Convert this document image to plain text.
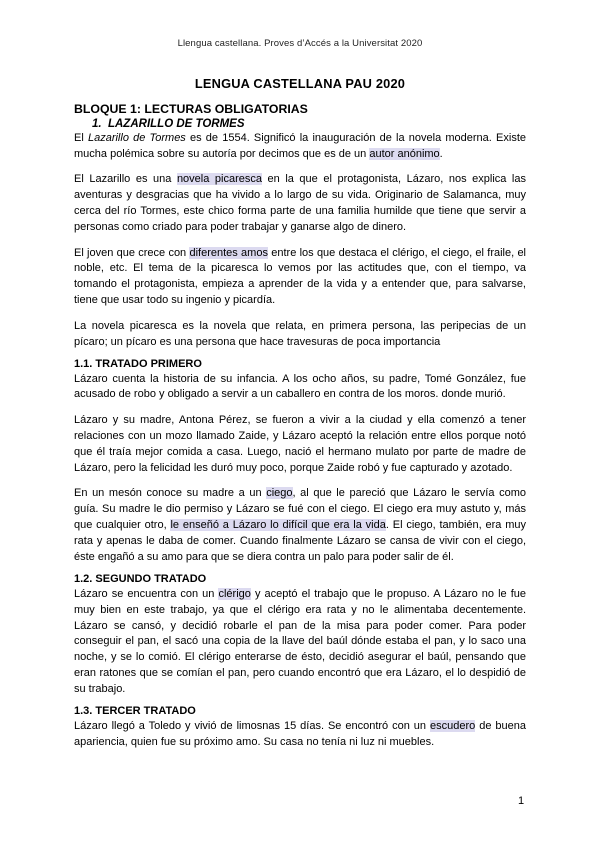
Llengua castellana. Proves d’Accés a la Universitat 2020
LENGUA CASTELLANA PAU 2020
BLOQUE 1: LECTURAS OBLIGATORIAS
1.  LAZARILLO DE TORMES

El Lazarillo de Tormes es de 1554. Significó la inauguración de la novela moderna. Existe mucha polémica sobre su autoría por decimos que es de un autor anónimo.

El Lazarillo es una novela picaresca en la que el protagonista, Lázaro, nos explica las aventuras y desgracias que ha vivido a lo largo de su vida. Originario de Salamanca, muy cerca del río Tormes, este chico forma parte de una familia humilde que tiene que servir a personas como criado para poder trabajar y ganarse algo de dinero.

El joven que crece con diferentes amos entre los que destaca el clérigo, el ciego, el fraile, el noble, etc. El tema de la picaresca lo vemos por las actitudes que, con el tiempo, va tomando el protagonista, empieza a aprender de la vida y a entender que, para salvarse, tiene que usar todo su ingenio y picardía.

La novela picaresca es la novela que relata, en primera persona, las peripecias de un pícaro; un pícaro es una persona que hace travesuras de poca importancia

1.1. TRATADO PRIMERO

Lázaro cuenta la historia de su infancia. A los ocho años, su padre, Tomé González, fue acusado de robo y obligado a servir a un caballero en contra de los moros. donde murió.

Lázaro y su madre, Antona Pérez, se fueron a vivir a la ciudad y ella comenzó a tener relaciones con un mozo llamado Zaide, y Lázaro aceptó la relación entre ellos porque notó que él traía mejor comida a casa. Luego, nació el hermano mulato por parte de madre de Lázaro, pero la felicidad les duró muy poco, porque Zaide robó y fue capturado y azotado.

En un mesón conoce su madre a un ciego, al que le pareció que Lázaro le servía como guía. Su madre le dio permiso y Lázaro se fué con el ciego. El ciego era muy astuto y, más que cualquier otro, le enseñó a Lázaro lo difícil que era la vida. El ciego, también, era muy rata y apenas le daba de comer. Cuando finalmente Lázaro se cansa de vivir con el ciego, éste engañó a su amo para que se diera contra un palo para poder salir de él.

1.2. SEGUNDO TRATADO

Lázaro se encuentra con un clérigo y aceptó el trabajo que le propuso. A Lázaro no le fue muy bien en este trabajo, ya que el clérigo era rata y no le alimentaba decentemente. Lázaro se cansó, y decidió robarle el pan de la misa para poder comer. Para poder conseguir el pan, el sacó una copia de la llave del baúl dónde estaba el pan, y lo saco una noche, y se lo comió. El clérigo enterarse de ésto, decidió asegurar el baúl, pensando que eran ratones que se comían el pan, pero cuando encontró que era Lázaro, el lo despidió de su trabajo.

1.3. TERCER TRATADO

Lázaro llegó a Toledo y vivió de limosnas 15 días. Se encontró con un escudero de buena apariencia, quien fue su próximo amo. Su casa no tenía ni luz ni muebles.

1
